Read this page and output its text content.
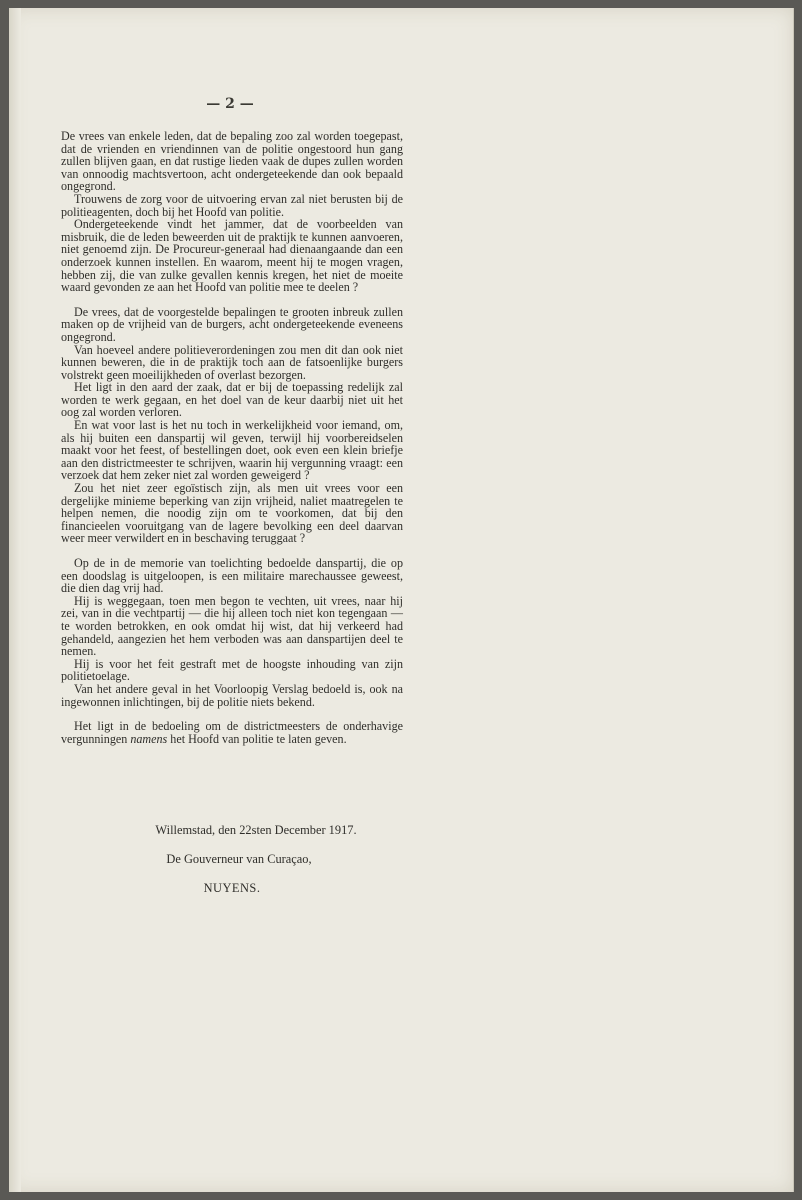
— 2 —

De vrees van enkele leden, dat de bepaling zoo zal worden toegepast, dat de vrienden en vriendinnen van de politie ongestoord hun gang zullen blijven gaan, en dat rustige lieden vaak de dupes zullen worden van onnoodig machtsvertoon, acht ondergeteekende dan ook bepaald ongegrond.

Trouwens de zorg voor de uitvoering ervan zal niet berusten bij de politieagenten, doch bij het Hoofd van politie.

Ondergeteekende vindt het jammer, dat de voorbeelden van misbruik, die de leden beweerden uit de praktijk te kunnen aanvoeren, niet genoemd zijn. De Procureur-generaal had dienaangaande dan een onderzoek kunnen instellen. En waarom, meent hij te mogen vragen, hebben zij, die van zulke gevallen kennis kregen, het niet de moeite waard gevonden ze aan het Hoofd van politie mee te deelen ?

De vrees, dat de voorgestelde bepalingen te grooten inbreuk zullen maken op de vrijheid van de burgers, acht ondergeteekende eveneens ongegrond.

Van hoeveel andere politieverordeningen zou men dit dan ook niet kunnen beweren, die in de praktijk toch aan de fatsoenlijke burgers volstrekt geen moeilijkheden of overlast bezorgen.

Het ligt in den aard der zaak, dat er bij de toepassing redelijk zal worden te werk gegaan, en het doel van de keur daarbij niet uit het oog zal worden verloren.

En wat voor last is het nu toch in werkelijkheid voor iemand, om, als hij buiten een danspartij wil geven, terwijl hij voorbereidselen maakt voor het feest, of bestellingen doet, ook even een klein briefje aan den districtmeester te schrijven, waarin hij vergunning vraagt: een verzoek dat hem zeker niet zal worden geweigerd ?

Zou het niet zeer egoïstisch zijn, als men uit vrees voor een dergelijke minieme beperking van zijn vrijheid, naliet maatregelen te helpen nemen, die noodig zijn om te voorkomen, dat bij den financieelen vooruitgang van de lagere bevolking een deel daarvan weer meer verwildert en in beschaving teruggaat ?

Op de in de memorie van toelichting bedoelde danspartij, die op een doodslag is uitgeloopen, is een militaire marechaussee geweest, die dien dag vrij had.

Hij is weggegaan, toen men begon te vechten, uit vrees, naar hij zei, van in die vechtpartij — die hij alleen toch niet kon tegengaan — te worden betrokken, en ook omdat hij wist, dat hij verkeerd had gehandeld, aangezien het hem verboden was aan danspartijen deel te nemen.

Hij is voor het feit gestraft met de hoogste inhouding van zijn politietoelage.

Van het andere geval in het Voorloopig Verslag bedoeld is, ook na ingewonnen inlichtingen, bij de politie niets bekend.

Het ligt in de bedoeling om de districtmeesters de onderhavige vergunningen namens het Hoofd van politie te laten geven.

Willemstad, den 22sten December 1917.
De Gouverneur van Curaçao,
NUYENS.
